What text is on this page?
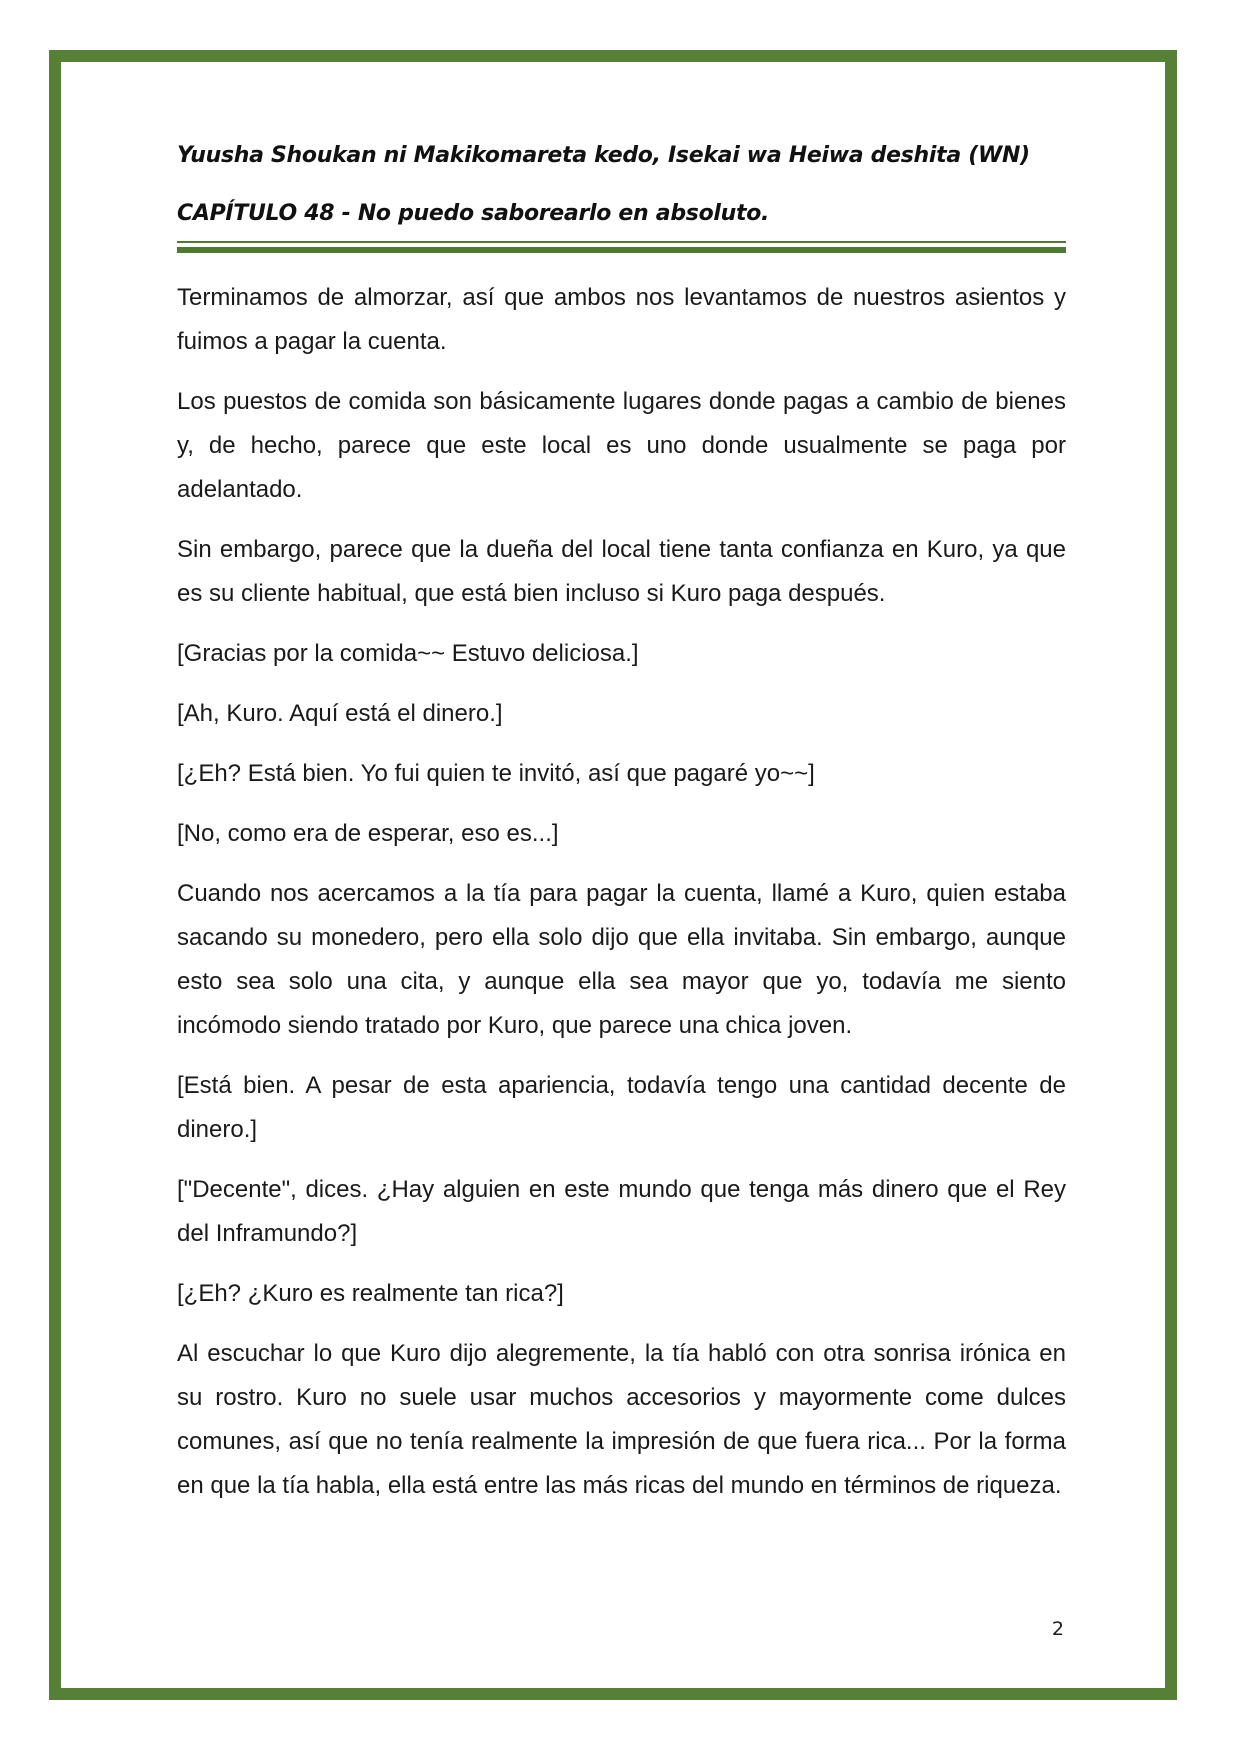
Yuusha Shoukan ni Makikomareta kedo, Isekai wa Heiwa deshita (WN)
CAPÍTULO 48 - No puedo saborearlo en absoluto.

Terminamos de almorzar, así que ambos nos levantamos de nuestros asientos y fuimos a pagar la cuenta.

Los puestos de comida son básicamente lugares donde pagas a cambio de bienes y, de hecho, parece que este local es uno donde usualmente se paga por adelantado.

Sin embargo, parece que la dueña del local tiene tanta confianza en Kuro, ya que es su cliente habitual, que está bien incluso si Kuro paga después.

[Gracias por la comida~~ Estuvo deliciosa.]

[Ah, Kuro. Aquí está el dinero.]

[¿Eh? Está bien. Yo fui quien te invitó, así que pagaré yo~~]

[No, como era de esperar, eso es...]

Cuando nos acercamos a la tía para pagar la cuenta, llamé a Kuro, quien estaba sacando su monedero, pero ella solo dijo que ella invitaba. Sin embargo, aunque esto sea solo una cita, y aunque ella sea mayor que yo, todavía me siento incómodo siendo tratado por Kuro, que parece una chica joven.

[Está bien. A pesar de esta apariencia, todavía tengo una cantidad decente de dinero.]

["Decente", dices. ¿Hay alguien en este mundo que tenga más dinero que el Rey del Inframundo?]

[¿Eh? ¿Kuro es realmente tan rica?]

Al escuchar lo que Kuro dijo alegremente, la tía habló con otra sonrisa irónica en su rostro. Kuro no suele usar muchos accesorios y mayormente come dulces comunes, así que no tenía realmente la impresión de que fuera rica... Por la forma en que la tía habla, ella está entre las más ricas del mundo en términos de riqueza.

2
